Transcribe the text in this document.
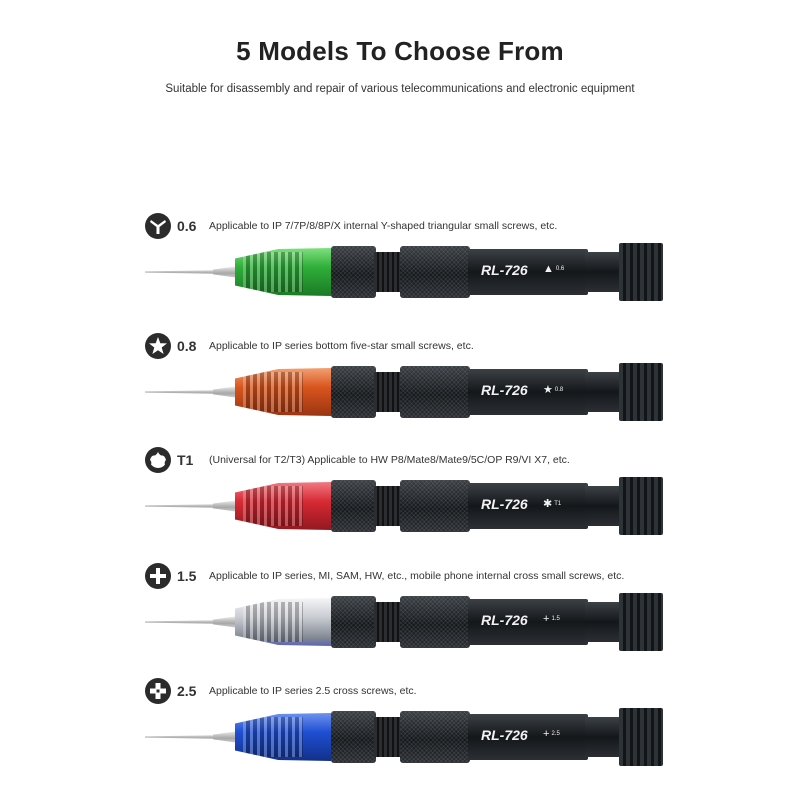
5 Models To Choose From
Suitable for disassembly and repair of various telecommunications and electronic equipment
0.6	Applicable to IP 7/7P/8/8P/X internal Y-shaped triangular small screws, etc.
RL-726 ▲ 0.6
0.8	Applicable to IP series bottom five-star small screws, etc.
RL-726 ★ 0.8
T1	(Universal for T2/T3) Applicable to HW P8/Mate8/Mate9/5C/OP R9/VI X7, etc.
RL-726 ✱ T1
1.5	Applicable to IP series, MI, SAM, HW, etc., mobile phone internal cross small screws, etc.
RL-726 + 1.5
2.5	Applicable to IP series 2.5 cross screws, etc.
RL-726 + 2.5
